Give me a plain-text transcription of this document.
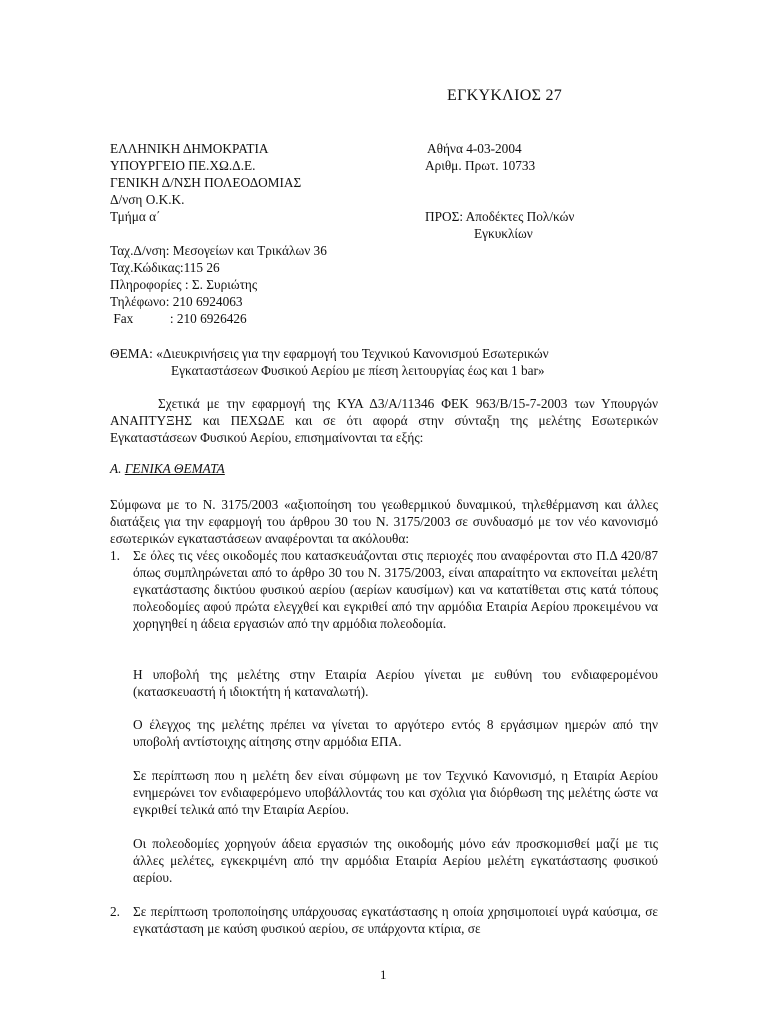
ΕΓΚΥΚΛΙΟΣ 27
ΕΛΛΗΝΙΚΗ ΔΗΜΟΚΡΑΤΙΑ
ΥΠΟΥΡΓΕΙΟ ΠΕ.ΧΩ.Δ.Ε.
ΓΕΝΙΚΗ Δ/ΝΣΗ ΠΟΛΕΟΔΟΜΙΑΣ
Δ/νση Ο.Κ.Κ.
Τμήμα α΄
Αθήνα 4-03-2004
Αριθμ. Πρωτ. 10733
ΠΡΟΣ: Αποδέκτες Πολ/κών
Εγκυκλίων
Ταχ.Δ/νση: Μεσογείων και Τρικάλων 36
Ταχ.Κώδικας:115 26
Πληροφορίες : Σ. Συριώτης
Τηλέφωνο: 210 6924063
Fax           : 210 6926426
ΘΕΜΑ: «Διευκρινήσεις για την εφαρμογή του Τεχνικού Κανονισμού Εσωτερικών
Εγκαταστάσεων Φυσικού Αερίου με πίεση λειτουργίας έως και 1 bar»
Σχετικά με την εφαρμογή της ΚΥΑ Δ3/Α/11346 ΦΕΚ 963/Β/15-7-2003 των Υπουργών ΑΝΑΠΤΥΞΗΣ και ΠΕΧΩΔΕ και σε ότι αφορά στην σύνταξη της μελέτης Εσωτερικών Εγκαταστάσεων Φυσικού Αερίου, επισημαίνονται τα εξής:
Α. ΓΕΝΙΚΑ ΘΕΜΑΤΑ
Σύμφωνα με το Ν. 3175/2003 «αξιοποίηση του γεωθερμικού δυναμικού, τηλεθέρμανση και άλλες διατάξεις για την εφαρμογή του άρθρου 30 του Ν. 3175/2003 σε συνδυασμό με τον νέο κανονισμό εσωτερικών εγκαταστάσεων αναφέρονται τα ακόλουθα:
1. Σε όλες τις νέες οικοδομές που κατασκευάζονται στις περιοχές που αναφέρονται στο Π.Δ 420/87 όπως συμπληρώνεται από το άρθρο 30 του Ν. 3175/2003, είναι απαραίτητο να εκπονείται μελέτη εγκατάστασης δικτύου φυσικού αερίου (αερίων καυσίμων) και να κατατίθεται στις κατά τόπους πολεοδομίες αφού πρώτα ελεγχθεί και εγκριθεί από την αρμόδια Εταιρία Αερίου προκειμένου να χορηγηθεί η άδεια εργασιών από την αρμόδια πολεοδομία.
Η υποβολή της μελέτης στην Εταιρία Αερίου γίνεται με ευθύνη του ενδιαφερομένου (κατασκευαστή ή ιδιοκτήτη ή καταναλωτή).
Ο έλεγχος της μελέτης πρέπει να γίνεται το αργότερο εντός 8 εργάσιμων ημερών από την υποβολή αντίστοιχης αίτησης στην αρμόδια ΕΠΑ.
Σε περίπτωση που η μελέτη δεν είναι σύμφωνη με τον Τεχνικό Κανονισμό, η Εταιρία Αερίου ενημερώνει τον ενδιαφερόμενο υποβάλλοντάς του και σχόλια για διόρθωση της μελέτης ώστε να εγκριθεί τελικά από την Εταιρία Αερίου.
Οι πολεοδομίες χορηγούν άδεια εργασιών της οικοδομής μόνο εάν προσκομισθεί μαζί με τις άλλες μελέτες, εγκεκριμένη από την αρμόδια Εταιρία Αερίου μελέτη εγκατάστασης φυσικού αερίου.
2. Σε περίπτωση τροποποίησης υπάρχουσας εγκατάστασης η οποία χρησιμοποιεί υγρά καύσιμα, σε εγκατάσταση με καύση φυσικού αερίου, σε υπάρχοντα κτίρια, σε
1
